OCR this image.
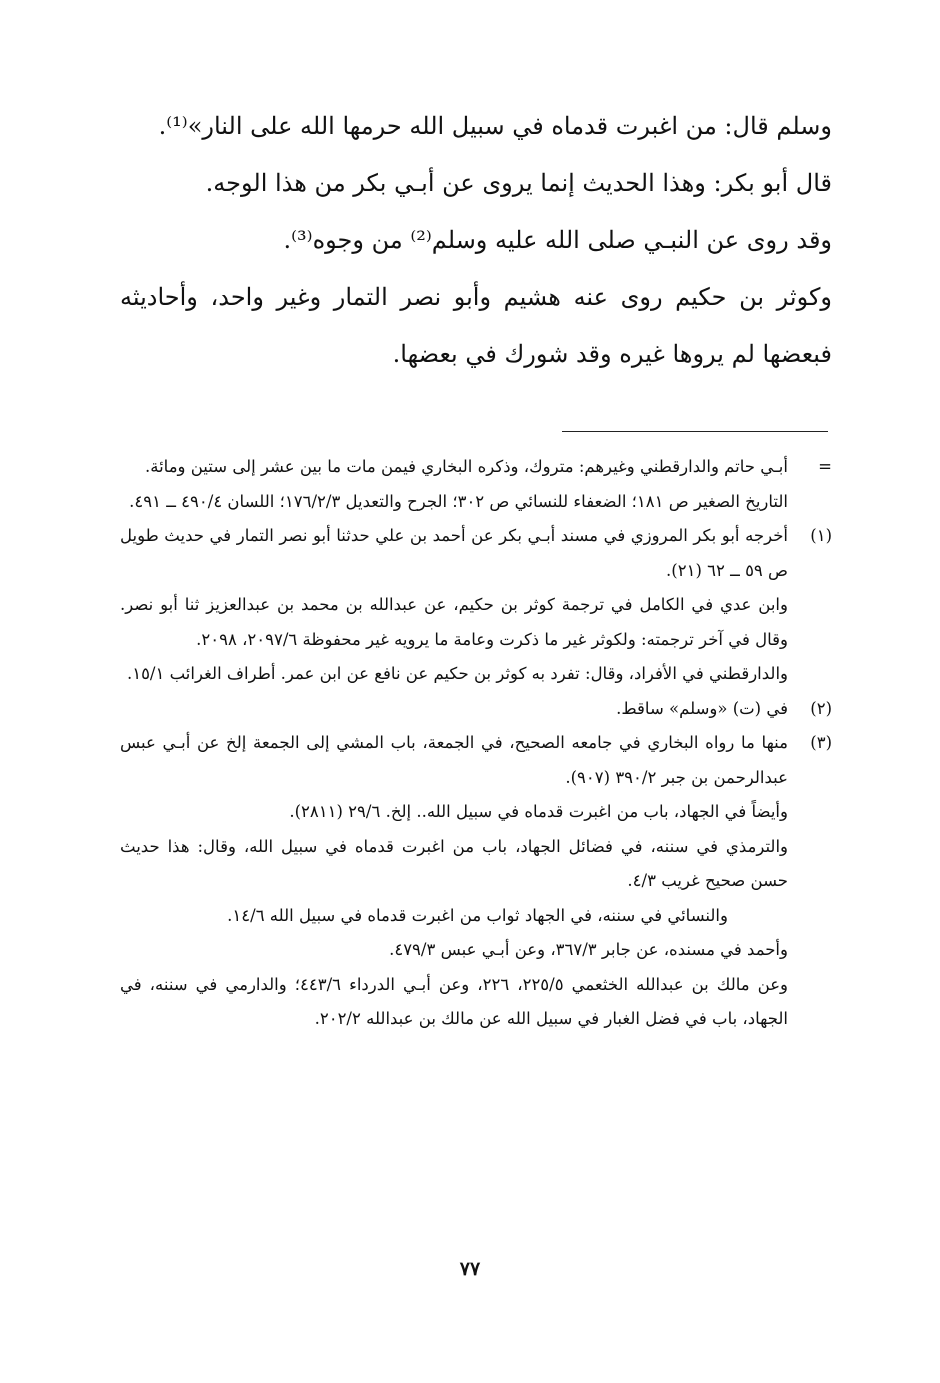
وسلم قال: من اغبرت قدماه في سبيل الله حرمها الله على النار»⁽¹⁾.

قال أبو بكر: وهذا الحديث إنما يروى عن أبـي بكر من هذا الوجه.

وقد روى عن النبـي صلى الله عليه وسلم⁽²⁾ من وجوه⁽³⁾.

وكوثر بن حكيم روى عنه هشيم وأبو نصر التمار وغير واحد، وأحاديثه فبعضها لم يروها غيره وقد شورك في بعضها.

=

أبـي حاتم والدارقطني وغيرهم: متروك، وذكره البخاري فيمن مات ما بين عشر إلى ستين ومائة.

التاريخ الصغير ص ١٨١؛ الضعفاء للنسائي ص ٣٠٢؛ الجرح والتعديل ١٧٦/٢/٣؛ اللسان ٤٩٠/٤ ــ ٤٩١.

(١)

أخرجه أبو بكر المروزي في مسند أبـي بكر عن أحمد بن علي حدثنا أبو نصر التمار في حديث طويل ص ٥٩ ــ ٦٢ (٢١).

وابن عدي في الكامل في ترجمة كوثر بن حكيم، عن عبدالله بن محمد بن عبدالعزيز ثنا أبو نصر. وقال في آخر ترجمته: ولكوثر غير ما ذكرت وعامة ما يرويه غير محفوظة ٢٠٩٧/٦، ٢٠٩٨.

والدارقطني في الأفراد، وقال: تفرد به كوثر بن حكيم عن نافع عن ابن عمر. أطراف الغرائب ١٥/١.

(٢)

في (ت) «وسلم» ساقط.

(٣)

منها ما رواه البخاري في جامعه الصحيح، في الجمعة، باب المشي إلى الجمعة إلخ عن أبـي عبس عبدالرحمن بن جبر ٣٩٠/٢ (٩٠٧).

وأيضاً في الجهاد، باب من اغبرت قدماه في سبيل الله.. إلخ. ٢٩/٦ (٢٨١١).

والترمذي في سننه، في فضائل الجهاد، باب من اغبرت قدماه في سبيل الله، وقال: هذا حديث حسن صحيح غريب ٤/٣.

والنسائي في سننه، في الجهاد ثواب من اغبرت قدماه في سبيل الله ١٤/٦.

وأحمد في مسنده، عن جابر ٣٦٧/٣، وعن أبـي عبس ٤٧٩/٣.

وعن مالك بن عبدالله الخثعمي ٢٢٥/٥، ٢٢٦، وعن أبـي الدرداء ٤٤٣/٦؛ والدارمي في سننه، في الجهاد، باب في فضل الغبار في سبيل الله عن مالك بن عبدالله ٢٠٢/٢.

٧٧
